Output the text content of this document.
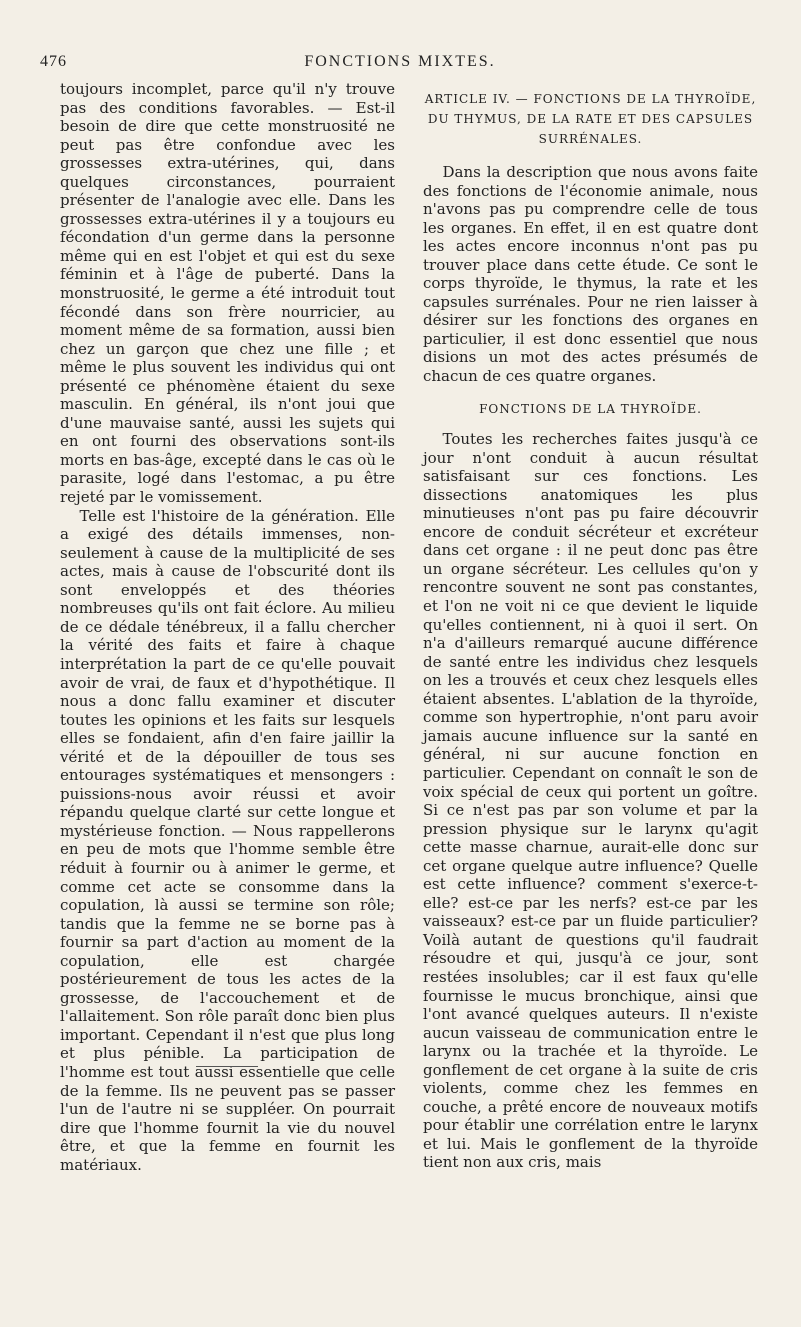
476	FONCTIONS MIXTES.

toujours incomplet, parce qu'il n'y trouve pas des conditions favorables. — Est-il besoin de dire que cette monstruosité ne peut pas être confondue avec les grossesses extra-utérines, qui, dans quelques circonstances, pourraient présenter de l'analogie avec elle. Dans les grossesses extra-utérines il y a toujours eu fécondation d'un germe dans la personne même qui en est l'objet et qui est du sexe féminin et à l'âge de puberté. Dans la monstruosité, le germe a été introduit tout fécondé dans son frère nourricier, au moment même de sa formation, aussi bien chez un garçon que chez une fille ; et même le plus souvent les individus qui ont présenté ce phénomène étaient du sexe masculin. En général, ils n'ont joui que d'une mauvaise santé, aussi les sujets qui en ont fourni des observations sont-ils morts en bas-âge, excepté dans le cas où le parasite, logé dans l'estomac, a pu être rejeté par le vomissement.

Telle est l'histoire de la génération. Elle a exigé des détails immenses, non-seulement à cause de la multiplicité de ses actes, mais à cause de l'obscurité dont ils sont enveloppés et des théories nombreuses qu'ils ont fait éclore. Au milieu de ce dédale ténébreux, il a fallu chercher la vérité des faits et faire à chaque interprétation la part de ce qu'elle pouvait avoir de vrai, de faux et d'hypothétique. Il nous a donc fallu examiner et discuter toutes les opinions et les faits sur lesquels elles se fondaient, afin d'en faire jaillir la vérité et de la dépouiller de tous ses entourages systématiques et mensongers : puissions-nous avoir réussi et avoir répandu quelque clarté sur cette longue et mystérieuse fonction. — Nous rappellerons en peu de mots que l'homme semble être réduit à fournir ou à animer le germe, et comme cet acte se consomme dans la copulation, là aussi se termine son rôle; tandis que la femme ne se borne pas à fournir sa part d'action au moment de la copulation, elle est chargée postérieurement de tous les actes de la grossesse, de l'accouchement et de l'allaitement. Son rôle paraît donc bien plus important. Cependant il n'est que plus long et plus pénible. La participation de l'homme est tout aussi essentielle que celle de la femme. Ils ne peuvent pas se passer l'un de l'autre ni se suppléer. On pourrait dire que l'homme fournit la vie du nouvel être, et que la femme en fournit les matériaux.

ARTICLE IV. — FONCTIONS DE LA THYROÏDE, DU THYMUS, DE LA RATE ET DES CAPSULES SURRÉNALES.

Dans la description que nous avons faite des fonctions de l'économie animale, nous n'avons pas pu comprendre celle de tous les organes. En effet, il en est quatre dont les actes encore inconnus n'ont pas pu trouver place dans cette étude. Ce sont le corps thyroïde, le thymus, la rate et les capsules surrénales. Pour ne rien laisser à désirer sur les fonctions des organes en particulier, il est donc essentiel que nous disions un mot des actes présumés de chacun de ces quatre organes.

FONCTIONS DE LA THYROÏDE.

Toutes les recherches faites jusqu'à ce jour n'ont conduit à aucun résultat satisfaisant sur ces fonctions. Les dissections anatomiques les plus minutieuses n'ont pas pu faire découvrir encore de conduit sécréteur et excréteur dans cet organe : il ne peut donc pas être un organe sécréteur. Les cellules qu'on y rencontre souvent ne sont pas constantes, et l'on ne voit ni ce que devient le liquide qu'elles contiennent, ni à quoi il sert. On n'a d'ailleurs remarqué aucune différence de santé entre les individus chez lesquels on les a trouvés et ceux chez lesquels elles étaient absentes. L'ablation de la thyroïde, comme son hypertrophie, n'ont paru avoir jamais aucune influence sur la santé en général, ni sur aucune fonction en particulier. Cependant on connaît le son de voix spécial de ceux qui portent un goître. Si ce n'est pas par son volume et par la pression physique sur le larynx qu'agit cette masse charnue, aurait-elle donc sur cet organe quelque autre influence? Quelle est cette influence? comment s'exerce-t-elle? est-ce par les nerfs? est-ce par les vaisseaux? est-ce par un fluide particulier? Voilà autant de questions qu'il faudrait résoudre et qui, jusqu'à ce jour, sont restées insolubles; car il est faux qu'elle fournisse le mucus bronchique, ainsi que l'ont avancé quelques auteurs. Il n'existe aucun vaisseau de communication entre le larynx ou la trachée et la thyroïde. Le gonflement de cet organe à la suite de cris violents, comme chez les femmes en couche, a prêté encore de nouveaux motifs pour établir une corrélation entre le larynx et lui. Mais le gonflement de la thyroïde tient non aux cris, mais
